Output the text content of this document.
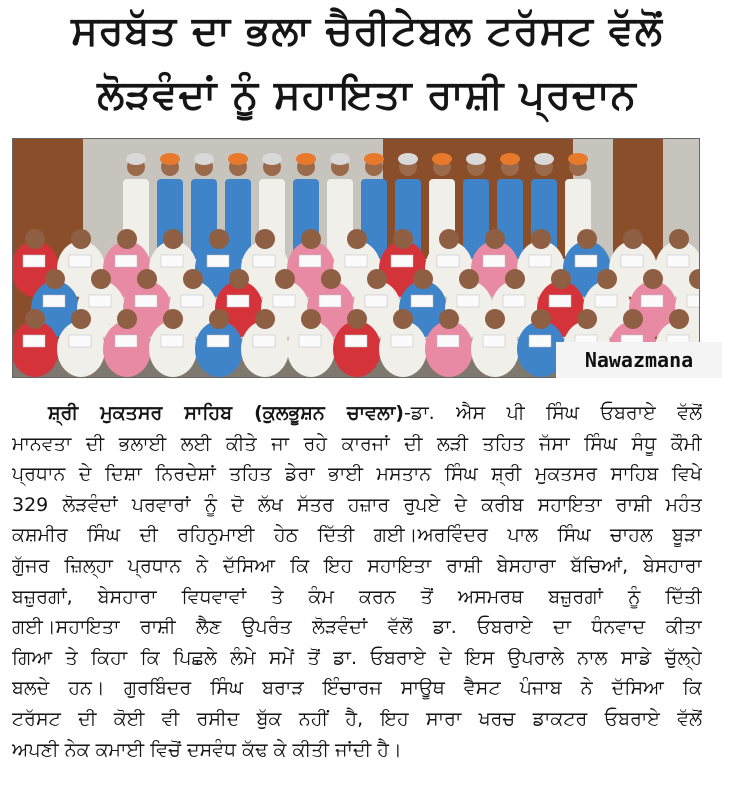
ਸਰਬੱਤ ਦਾ ਭਲਾ ਚੈਰੀਟੇਬਲ ਟਰੱਸਟ ਵੱਲੋਂ
ਲੋੜਵੰਦਾਂ ਨੂੰ ਸਹਾਇਤਾ ਰਾਸ਼ੀ ਪ੍ਰਦਾਨ
Nawazmana
ਸ਼੍ਰੀ ਮੁਕਤਸਰ ਸਾਹਿਬ (ਕੁਲਭੂਸ਼ਨ ਚਾਵਲਾ)-ਡਾ. ਐਸ ਪੀ ਸਿੰਘ ਓਬਰਾਏ ਵੱਲੋਂ
ਮਾਨਵਤਾ ਦੀ ਭਲਾਈ ਲਈ ਕੀਤੇ ਜਾ ਰਹੇ ਕਾਰਜਾਂ ਦੀ ਲੜੀ ਤਹਿਤ ਜੱਸਾ ਸਿੰਘ ਸੰਧੂ ਕੌਮੀ
ਪ੍ਰਧਾਨ ਦੇ ਦਿਸ਼ਾ ਨਿਰਦੇਸ਼ਾਂ ਤਹਿਤ ਡੇਰਾ ਭਾਈ ਮਸਤਾਨ ਸਿੰਘ ਸ਼੍ਰੀ ਮੁਕਤਸਰ ਸਾਹਿਬ ਵਿਖੇ
329 ਲੋੜਵੰਦਾਂ ਪਰਵਾਰਾਂ ਨੂੰ ਦੋ ਲੱਖ ਸੱਤਰ ਹਜ਼ਾਰ ਰੁਪਏ ਦੇ ਕਰੀਬ ਸਹਾਇਤਾ ਰਾਸ਼ੀ ਮਹੰਤ
ਕਸ਼ਮੀਰ ਸਿੰਘ ਦੀ ਰਹਿਨੁਮਾਈ ਹੇਠ ਦਿੱਤੀ ਗਈ।ਅਰਵਿੰਦਰ ਪਾਲ ਸਿੰਘ ਚਾਹਲ ਬੂੜਾ
ਗੁੱਜਰ ਜ਼ਿਲ੍ਹਾ ਪ੍ਰਧਾਨ ਨੇ ਦੱਸਿਆ ਕਿ ਇਹ ਸਹਾਇਤਾ ਰਾਸ਼ੀ ਬੇਸਹਾਰਾ ਬੱਚਿਆਂ, ਬੇਸਹਾਰਾ
ਬਜ਼ੁਰਗਾਂ, ਬੇਸਹਾਰਾ ਵਿਧਵਾਵਾਂ ਤੇ ਕੰਮ ਕਰਨ ਤੋਂ ਅਸਮਰਥ ਬਜ਼ੁਰਗਾਂ ਨੂੰ ਦਿੱਤੀ
ਗਈ।ਸਹਾਇਤਾ ਰਾਸ਼ੀ ਲੈਣ ਉਪਰੰਤ ਲੋੜਵੰਦਾਂ ਵੱਲੋਂ ਡਾ. ਓਬਰਾਏ ਦਾ ਧੰਨਵਾਦ ਕੀਤਾ
ਗਿਆ ਤੇ ਕਿਹਾ ਕਿ ਪਿਛਲੇ ਲੰਮੇ ਸਮੇਂ ਤੋਂ ਡਾ. ਓਬਰਾਏ ਦੇ ਇਸ ਉਪਰਾਲੇ ਨਾਲ ਸਾਡੇ ਚੁੱਲ੍ਹੇ
ਬਲਦੇ ਹਨ। ਗੁਰਬਿੰਦਰ ਸਿੰਘ ਬਰਾੜ ਇੰਚਾਰਜ ਸਾਊਥ ਵੈਸਟ ਪੰਜਾਬ ਨੇ ਦੱਸਿਆ ਕਿ
ਟਰੱਸਟ ਦੀ ਕੋਈ ਵੀ ਰਸੀਦ ਬੁੱਕ ਨਹੀਂ ਹੈ, ਇਹ ਸਾਰਾ ਖਰਚ ਡਾਕਟਰ ਓਬਰਾਏ ਵੱਲੋਂ
ਅਪਣੀ ਨੇਕ ਕਮਾਈ ਵਿਚੋਂ ਦਸਵੰਧ ਕੱਢ ਕੇ ਕੀਤੀ ਜਾਂਦੀ ਹੈ।
